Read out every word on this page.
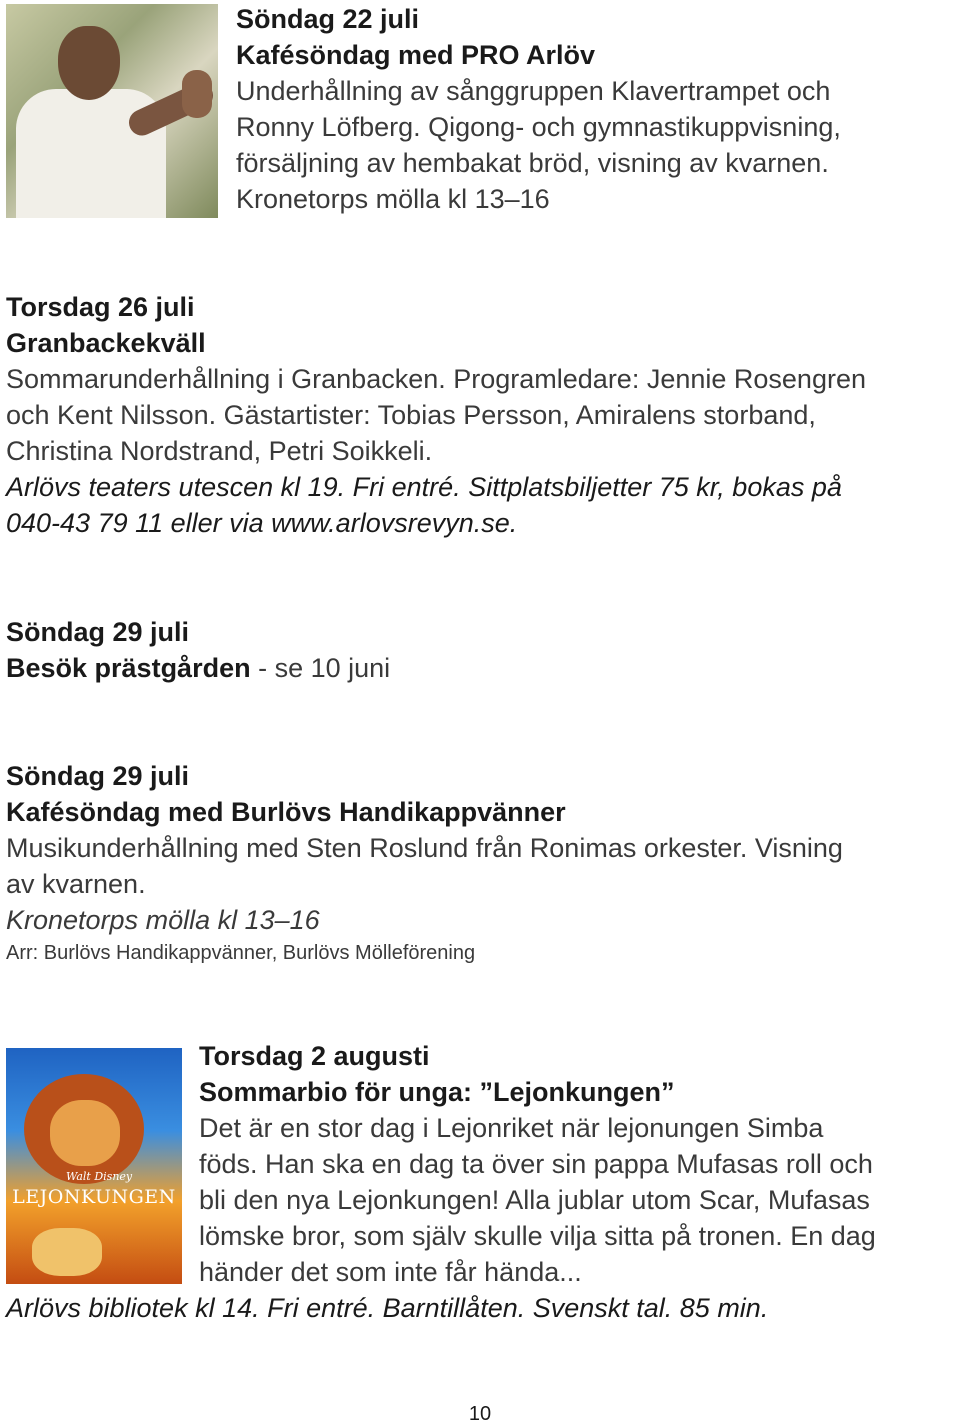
Söndag 22 juli
Kafésöndag med PRO Arlöv
Underhållning av sånggruppen Klavertrampet och
Ronny Löfberg. Qigong- och gymnastikuppvisning,
försäljning av hembakat bröd, visning av kvarnen.
Kronetorps mölla kl 13–16
Torsdag 26 juli
Granbackekväll
Sommarunderhållning i Granbacken. Programledare: Jennie Rosengren
och Kent Nilsson. Gästartister: Tobias Persson, Amiralens storband,
Christina Nordstrand, Petri Soikkeli.
Arlövs teaters utescen kl 19. Fri entré. Sittplatsbiljetter 75 kr, bokas på
040-43 79 11 eller via www.arlovsrevyn.se.
Söndag 29 juli
Besök prästgården - se 10 juni
Söndag 29 juli
Kafésöndag med Burlövs Handikappvänner
Musikunderhållning med Sten Roslund från Ronimas orkester. Visning
av kvarnen.
Kronetorps mölla kl 13–16
Arr: Burlövs Handikappvänner, Burlövs Mölleförening
Walt Disney
LEJONKUNGEN
Torsdag 2 augusti
Sommarbio för unga: ”Lejonkungen”
Det är en stor dag i Lejonriket när lejonungen Simba
föds. Han ska en dag ta över sin pappa Mufasas roll och
bli den nya Lejonkungen! Alla jublar utom Scar, Mufasas
lömske bror, som själv skulle vilja sitta på tronen. En dag
händer det som inte får hända...
Arlövs bibliotek kl 14. Fri entré. Barntillåten. Svenskt tal. 85 min.
10
